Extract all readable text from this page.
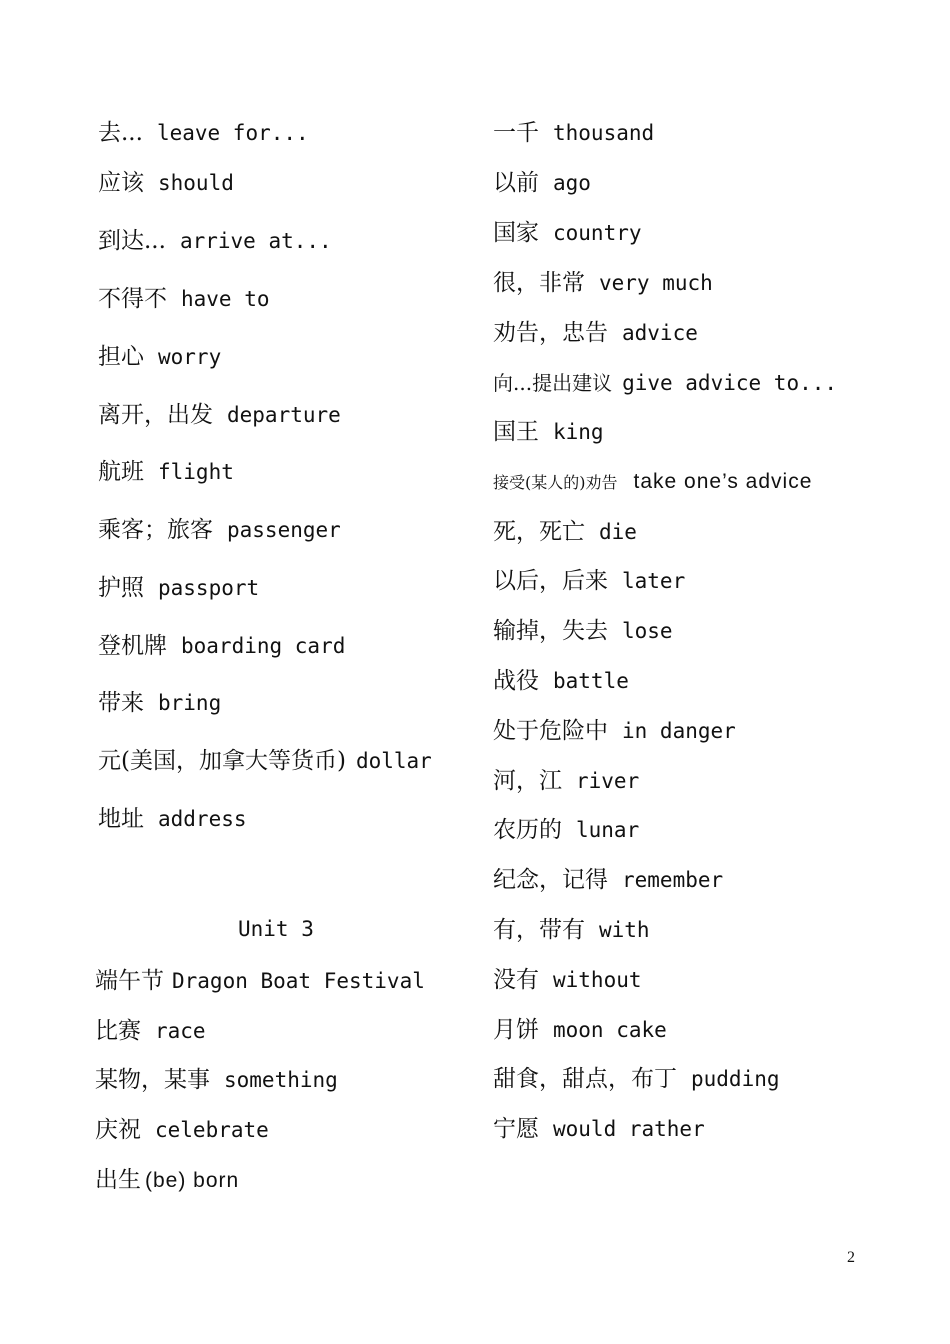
去... leave for...
应该 should
到达... arrive at...
不得不 have to
担心 worry
离开，出发 departure
航班 flight
乘客；旅客 passenger
护照 passport
登机牌 boarding card
带来 bring
元(美国，加拿大等货币) dollar
地址 address
Unit 3
端午节 Dragon Boat Festival
比赛 race
某物，某事 something
庆祝 celebrate
出生 (be) born
一千 thousand
以前 ago
国家 country
很，非常 very much
劝告，忠告 advice
向...提出建议 give advice to...
国王 king
接受(某人的)劝告 take one’s advice
死，死亡 die
以后，后来 later
输掉，失去 lose
战役 battle
处于危险中 in danger
河，江 river
农历的 lunar
纪念，记得 remember
有，带有 with
没有 without
月饼 moon cake
甜食，甜点，布丁 pudding
宁愿 would rather
2
